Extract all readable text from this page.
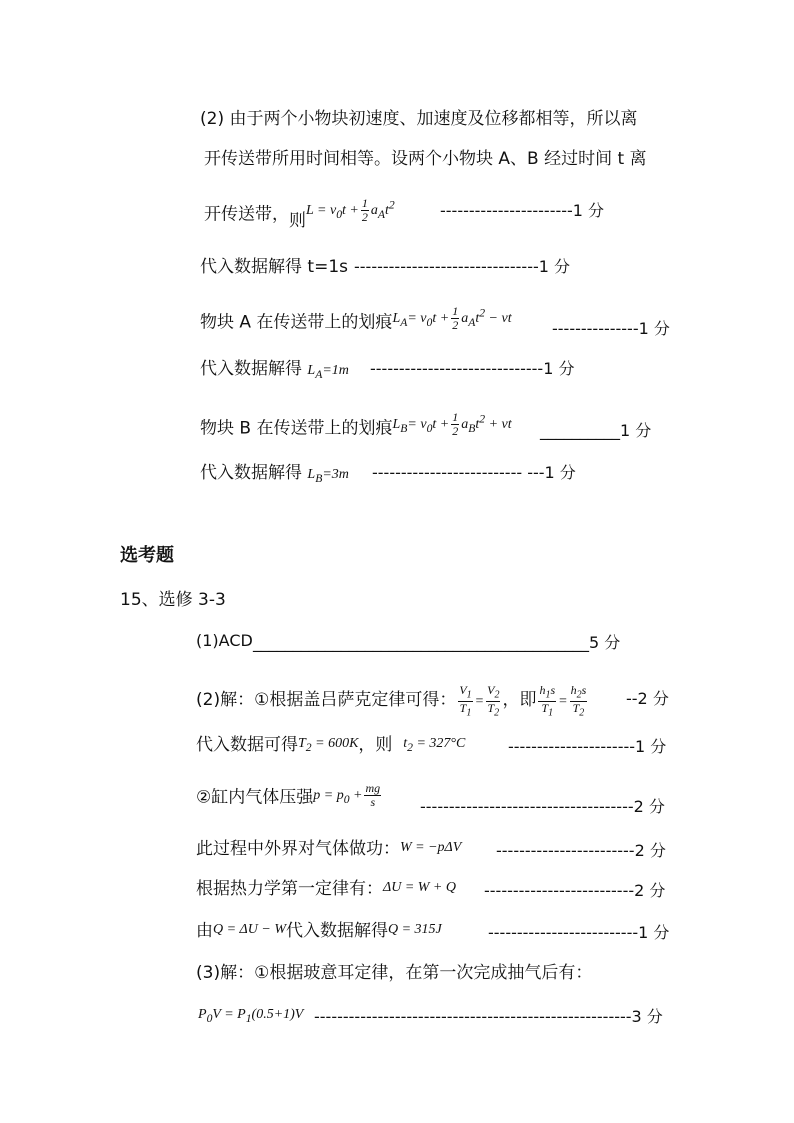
(2) 由于两个小物块初速度、加速度及位移都相等，所以离
开传送带所用时间相等。设两个小物块 A、B 经过时间 t 离
开传送带，则$^{L = v_0t + \frac{1}{2} a_At^2}$	-----------------------1 分
代入数据解得 t=1s --------------------------------1 分
物块 A 在传送带上的划痕$^{L_A= v_0t + \frac{1}{2} a_At^2 - vt}$
---------------1 分
代入数据解得 $L_A=1m$ ------------------------------1 分
物块 B 在传送带上的划痕$^{L_B= v_0t + \frac{1}{2} a_Bt^2 + vt}$ __________1 分
代入数据解得 $L_B=3m$ -------------------------- ---1 分
选考题
15、选修 3-3
(1)ACD __________________________________________5 分
(2)解：①根据盖吕萨克定律可得： $\frac{V_1}{T_1} = \frac{V_2}{T_2}$ ，即 $\frac{h_1s}{T_1} = \frac{h_2s}{T_2} --2$ 分
代入数据可得$T_2 = 600K$，则 $t_2 = 327^\circ C$	----------------------1 分
②缸内气体压强$^{p = p_0 + \frac{mg}{s}}$ -------------------------------------2 分
此过程中外界对气体做功：W = −pΔV ------------------------2 分
根据热力学第一定律有：ΔU = W + Q --------------------------2 分
由Q = ΔU − W代入数据解得Q = 315J	--------------------------1 分
(3)解：①根据玻意耳定律，在第一次完成抽气后有：
$P_0V = P_1(0.5+1)V$ -------------------------------------------------------3 分
